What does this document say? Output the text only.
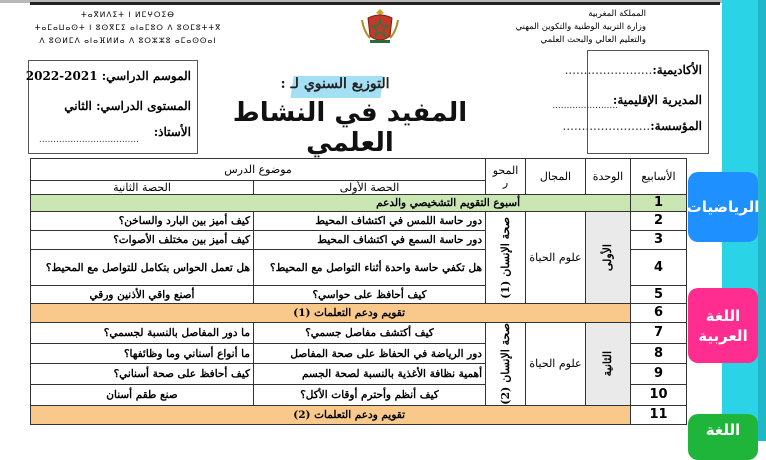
الرياضيات
اللغة
العربية
اللغة
المملكة المغربية
وزارة التربية الوطنية والتكوين المهني
والتعليم العالي والبحث العلمي
ⵜⴰⴳⵍⴷⵉⵜ ⵏ ⵍⵎⵖⵔⵉⴱ
ⵜⴰⵎⴰⵡⴰⵙⵜ ⵏ ⵓⵙⴳⵎⵉ ⴰⵏⴰⵎⵓⵔ ⴷ ⵓⵙⵎⵓⵜⵜⴳ
ⴷ ⵓⵙⵍⵎⴷ ⴰⵏⴰⴼⵍⵍⴰ ⴷ ⵓⵔⵣⵣⵓ ⴰⵎⴰⵙⵙⴰⵏ
الموسم الدراسي: 2021-2022
المستوى الدراسي: الثاني
الأستاذ:
...................................
الأكاديمية:.......................
المديرية الإقليمية:
.......................
المؤسسة:.......................
التوزيع السنوي لـ :
المفيد في النشاط العلمي
الأسابيع	الوحدة	المجال	المحو ر	موضوع الدرس	
				الحصة الأولى	الحصة الثانية
1	أسبوع التقويم التشخيصي والدعم				
2	الأولى	علوم الحياة	صحة الإنسان (1)	دور حاسة اللمس في اكتشاف المحيط	كيف أميز بين البارد والساخن؟
3				دور حاسة السمع في اكتشاف المحيط	كيف أميز بين مختلف الأصوات؟
4				هل تكفي حاسة واحدة أثناء التواصل مع المحيط؟	هل تعمل الحواس بتكامل للتواصل مع المحيط؟
5				كيف أحافظ على حواسي؟	أصنع واقي الأذنين ورقي
6	تقويم ودعم التعلمات (1)				
7	الثانية	علوم الحياة	صحة الإنسان (2)	كيف أكتشف مفاصل جسمي؟	ما دور المفاصل بالنسبة لجسمي؟
8				دور الرياضة في الحفاظ على صحة المفاصل	ما أنواع أسناني وما وظائفها؟
9				أهمية نظافة الأغذية بالنسبة لصحة الجسم	كيف أحافظ على صحة أسناني؟
10				كيف أنظم وأحترم أوقات الأكل؟	صنع طقم أسنان
11	تقويم ودعم التعلمات (2)				
